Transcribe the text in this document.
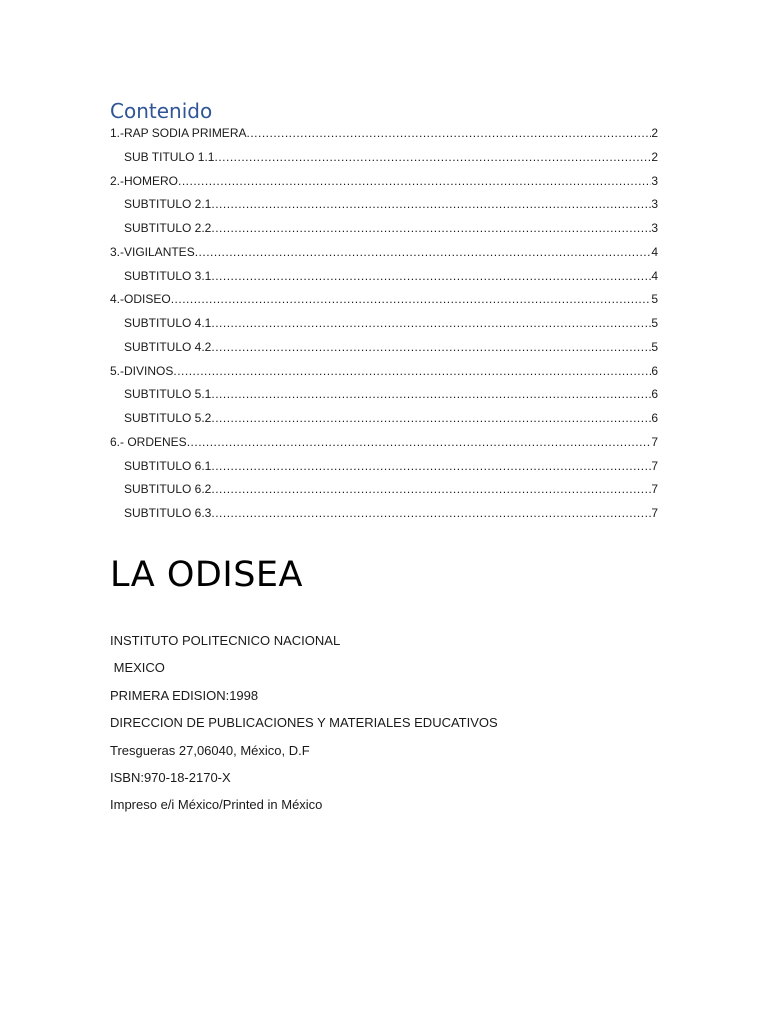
Contenido
1.-RAP SODIA PRIMERA .....	2
SUB TITULO 1.1 .....	2
2.-HOMERO .....	3
SUBTITULO 2.1 .....	3
SUBTITULO 2.2 .....	3
3.-VIGILANTES .....	4
SUBTITULO 3.1 .....	4
4.-ODISEO .....	5
SUBTITULO 4.1 .....	5
SUBTITULO 4.2 .....	5
5.-DIVINOS .....	6
SUBTITULO 5.1 .....	6
SUBTITULO 5.2 .....	6
6.- ORDENES .....	7
SUBTITULO 6.1 .....	7
SUBTITULO 6.2 .....	7
SUBTITULO 6.3 .....	7
LA ODISEA
INSTITUTO POLITECNICO NACIONAL
MEXICO
PRIMERA EDISION:1998
DIRECCION DE PUBLICACIONES Y MATERIALES EDUCATIVOS
Tresgueras 27,06040, México, D.F
ISBN:970-18-2170-X
Impreso e/i México/Printed in México
